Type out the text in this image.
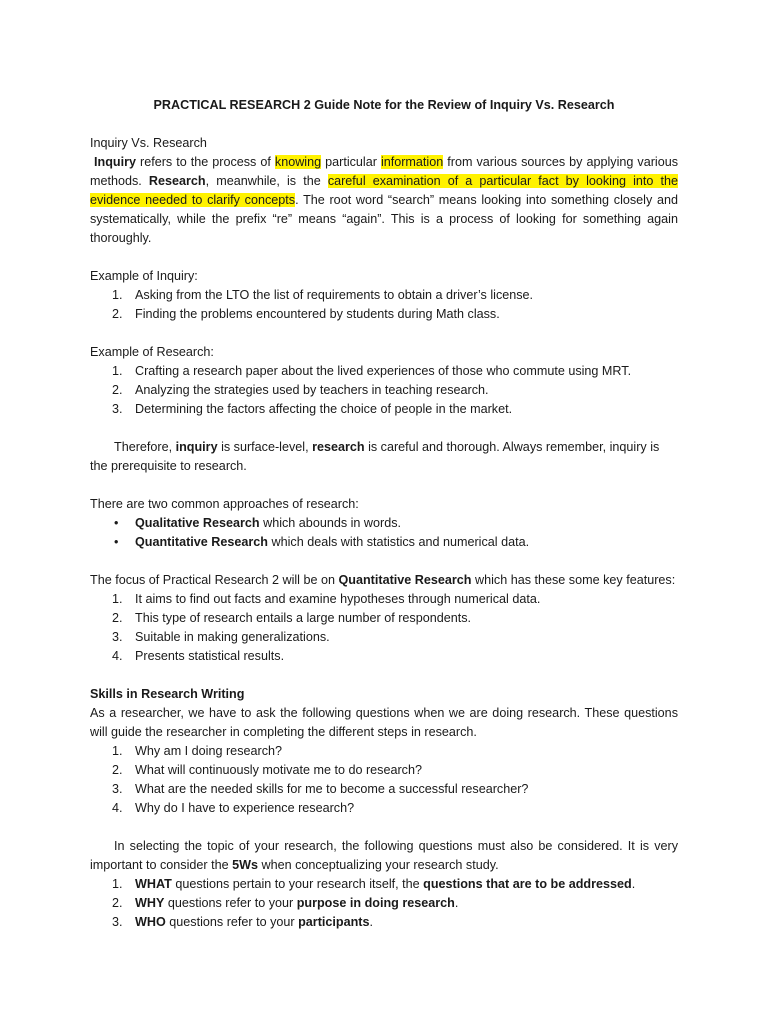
PRACTICAL RESEARCH 2 Guide Note for the Review of Inquiry Vs. Research

Inquiry Vs. Research

Inquiry refers to the process of knowing particular information from various sources by applying various methods. Research, meanwhile, is the careful examination of a particular fact by looking into the evidence needed to clarify concepts. The root word “search” means looking into something closely and systematically, while the prefix “re” means “again”. This is a process of looking for something again thoroughly.

Example of Inquiry:

1. Asking from the LTO the list of requirements to obtain a driver’s license.
2. Finding the problems encountered by students during Math class.

Example of Research:

1. Crafting a research paper about the lived experiences of those who commute using MRT.
2. Analyzing the strategies used by teachers in teaching research.
3. Determining the factors affecting the choice of people in the market.

Therefore, inquiry is surface-level, research is careful and thorough. Always remember, inquiry is the prerequisite to research.

There are two common approaches of research:

• Qualitative Research which abounds in words.
• Quantitative Research which deals with statistics and numerical data.

The focus of Practical Research 2 will be on Quantitative Research which has these some key features:

1. It aims to find out facts and examine hypotheses through numerical data.
2. This type of research entails a large number of respondents.
3. Suitable in making generalizations.
4. Presents statistical results.

Skills in Research Writing

As a researcher, we have to ask the following questions when we are doing research. These questions will guide the researcher in completing the different steps in research.

1. Why am I doing research?
2. What will continuously motivate me to do research?
3. What are the needed skills for me to become a successful researcher?
4. Why do I have to experience research?

In selecting the topic of your research, the following questions must also be considered. It is very important to consider the 5Ws when conceptualizing your research study.

1. WHAT questions pertain to your research itself, the questions that are to be addressed.
2. WHY questions refer to your purpose in doing research.
3. WHO questions refer to your participants.
